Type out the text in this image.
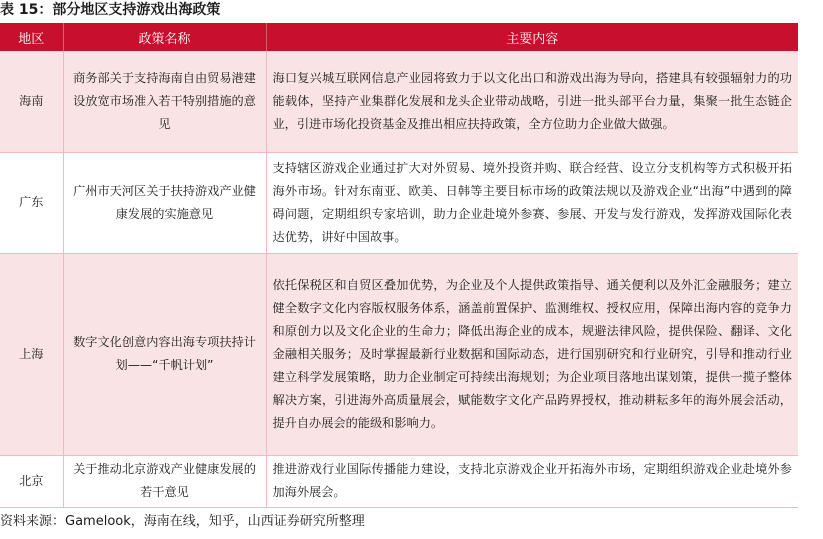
表 15：部分地区支持游戏出海政策
地区	政策名称	主要内容
海南	商务部关于支持海南自由贸易港建设放宽市场准入若干特别措施的意见	海口复兴城互联网信息产业园将致力于以文化出口和游戏出海为导向，搭建具有较强辐射力的功能载体，坚持产业集群化发展和龙头企业带动战略，引进一批头部平台力量，集聚一批生态链企业，引进市场化投资基金及推出相应扶持政策，全方位助力企业做大做强。
广东	广州市天河区关于扶持游戏产业健康发展的实施意见	支持辖区游戏企业通过扩大对外贸易、境外投资并购、联合经营、设立分支机构等方式积极开拓海外市场。针对东南亚、欧美、日韩等主要目标市场的政策法规以及游戏企业“出海”中遇到的障碍问题，定期组织专家培训，助力企业赴境外参赛、参展、开发与发行游戏，发挥游戏国际化表达优势，讲好中国故事。
上海	数字文化创意内容出海专项扶持计划——“千帆计划”	依托保税区和自贸区叠加优势，为企业及个人提供政策指导、通关便利以及外汇金融服务；建立健全数字文化内容版权服务体系，涵盖前置保护、监测维权、授权应用，保障出海内容的竞争力和原创力以及文化企业的生命力；降低出海企业的成本，规避法律风险，提供保险、翻译、文化金融相关服务；及时掌握最新行业数据和国际动态，进行国别研究和行业研究，引导和推动行业建立科学发展策略，助力企业制定可持续出海规划；为企业项目落地出谋划策，提供一揽子整体解决方案，引进海外高质量展会，赋能数字文化产品跨界授权，推动耕耘多年的海外展会活动，提升自办展会的能级和影响力。
北京	关于推动北京游戏产业健康发展的若干意见	推进游戏行业国际传播能力建设，支持北京游戏企业开拓海外市场，定期组织游戏企业赴境外参加海外展会。
资料来源：Gamelook，海南在线，知乎，山西证券研究所整理
